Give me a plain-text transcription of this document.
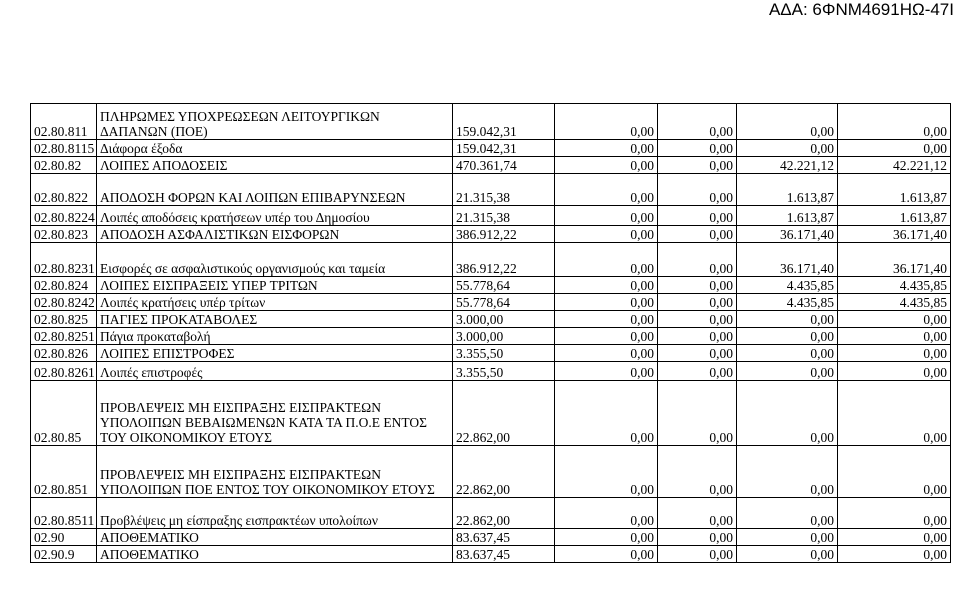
ΑΔΑ: 6ΦΝΜ4691ΗΩ-47Ι
02.80.811	ΠΛΗΡΩΜΕΣ ΥΠΟΧΡΕΩΣΕΩΝ ΛΕΙΤΟΥΡΓΙΚΩΝ ΔΑΠΑΝΩΝ (ΠΟΕ)	159.042,31	0,00	0,00	0,00	0,00
02.80.8115	Διάφορα έξοδα	159.042,31	0,00	0,00	0,00	0,00
02.80.82	ΛΟΙΠΕΣ ΑΠΟΔΟΣΕΙΣ	470.361,74	0,00	0,00	42.221,12	42.221,12
02.80.822	ΑΠΟΔΟΣΗ ΦΟΡΩΝ ΚΑΙ ΛΟΙΠΩΝ ΕΠΙΒΑΡΥΝΣΕΩΝ	21.315,38	0,00	0,00	1.613,87	1.613,87
02.80.8224	Λοιπές αποδόσεις κρατήσεων υπέρ του Δημοσίου	21.315,38	0,00	0,00	1.613,87	1.613,87
02.80.823	ΑΠΟΔΟΣΗ ΑΣΦΑΛΙΣΤΙΚΩΝ ΕΙΣΦΟΡΩΝ	386.912,22	0,00	0,00	36.171,40	36.171,40
02.80.8231	Εισφορές σε ασφαλιστικούς οργανισμούς και ταμεία	386.912,22	0,00	0,00	36.171,40	36.171,40
02.80.824	ΛΟΙΠΕΣ ΕΙΣΠΡΑΞΕΙΣ ΥΠΕΡ ΤΡΙΤΩΝ	55.778,64	0,00	0,00	4.435,85	4.435,85
02.80.8242	Λοιπές κρατήσεις υπέρ τρίτων	55.778,64	0,00	0,00	4.435,85	4.435,85
02.80.825	ΠΑΓΙΕΣ ΠΡΟΚΑΤΑΒΟΛΕΣ	3.000,00	0,00	0,00	0,00	0,00
02.80.8251	Πάγια προκαταβολή	3.000,00	0,00	0,00	0,00	0,00
02.80.826	ΛΟΙΠΕΣ ΕΠΙΣΤΡΟΦΕΣ	3.355,50	0,00	0,00	0,00	0,00
02.80.8261	Λοιπές επιστροφές	3.355,50	0,00	0,00	0,00	0,00
02.80.85	ΠΡΟΒΛΕΨΕΙΣ ΜΗ ΕΙΣΠΡΑΞΗΣ ΕΙΣΠΡΑΚΤΕΩΝ ΥΠΟΛΟΙΠΩΝ ΒΕΒΑΙΩΜΕΝΩΝ ΚΑΤΑ ΤΑ Π.Ο.Ε ΕΝΤΟΣ ΤΟΥ ΟΙΚΟΝΟΜΙΚΟΥ ΕΤΟΥΣ	22.862,00	0,00	0,00	0,00	0,00
02.80.851	ΠΡΟΒΛΕΨΕΙΣ ΜΗ ΕΙΣΠΡΑΞΗΣ ΕΙΣΠΡΑΚΤΕΩΝ ΥΠΟΛΟΙΠΩΝ ΠΟΕ ΕΝΤΟΣ ΤΟΥ ΟΙΚΟΝΟΜΙΚΟΥ ΕΤΟΥΣ	22.862,00	0,00	0,00	0,00	0,00
02.80.8511	Προβλέψεις μη είσπραξης εισπρακτέων υπολοίπων	22.862,00	0,00	0,00	0,00	0,00
02.90	ΑΠΟΘΕΜΑΤΙΚΟ	83.637,45	0,00	0,00	0,00	0,00
02.90.9	ΑΠΟΘΕΜΑΤΙΚΟ	83.637,45	0,00	0,00	0,00	0,00
